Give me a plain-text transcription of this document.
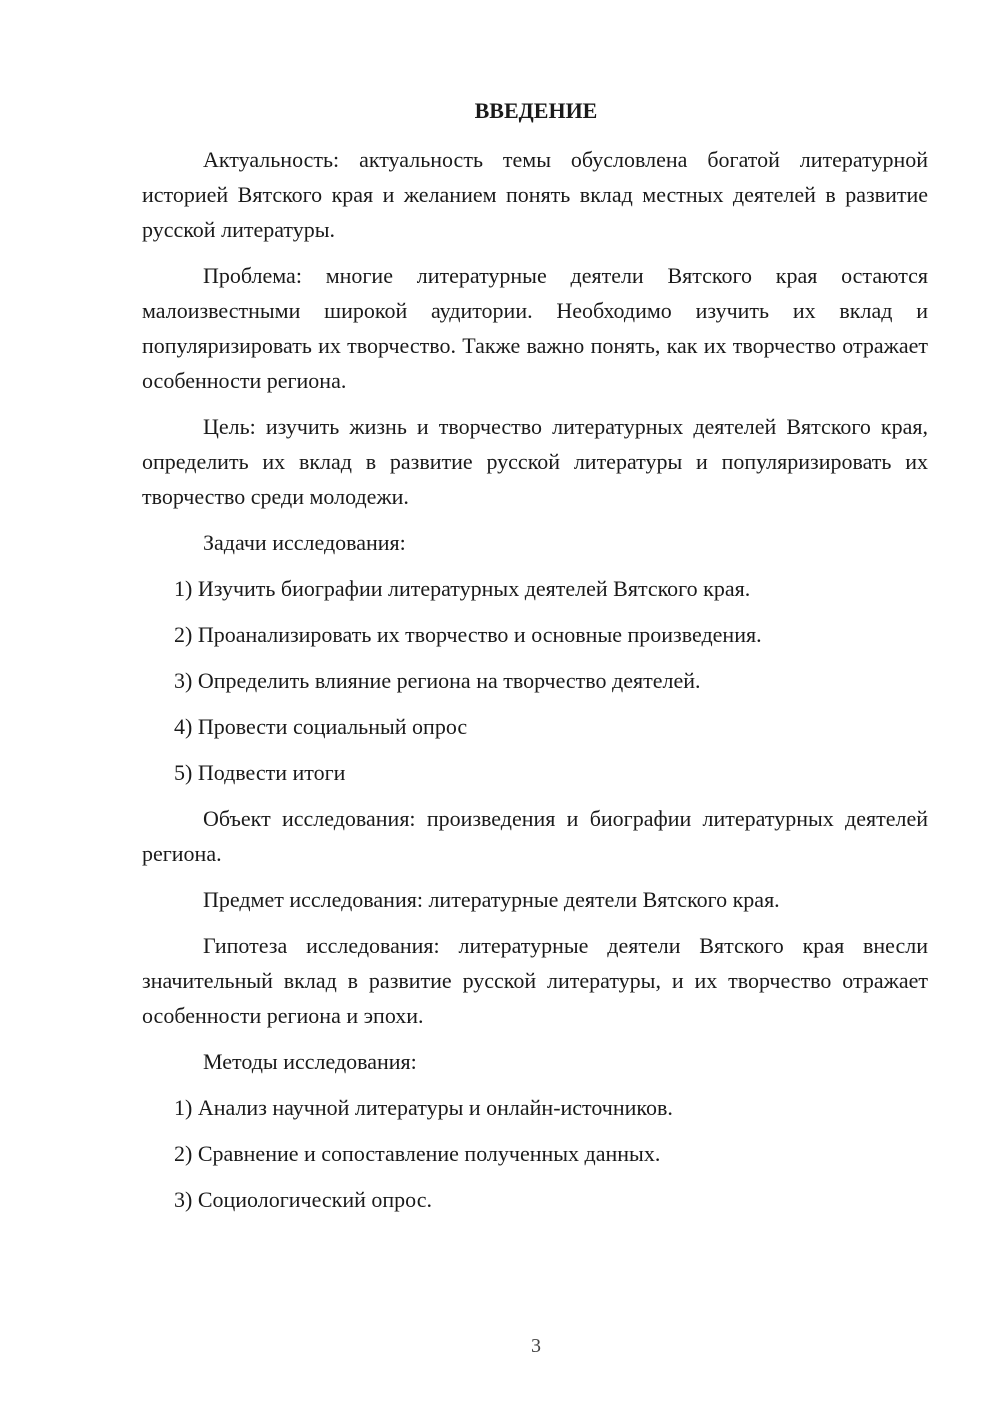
ВВЕДЕНИЕ

Актуальность: актуальность темы обусловлена богатой литературной историей Вятского края и желанием понять вклад местных деятелей в развитие русской литературы.

Проблема: многие литературные деятели Вятского края остаются малоизвестными широкой аудитории. Необходимо изучить их вклад и популяризировать их творчество. Также важно понять, как их творчество отражает особенности региона.

Цель: изучить жизнь и творчество литературных деятелей Вятского края, определить их вклад в развитие русской литературы и популяризировать их творчество среди молодежи.

Задачи исследования:

1) Изучить биографии литературных деятелей Вятского края.

2) Проанализировать их творчество и основные произведения.

3) Определить влияние региона на творчество деятелей.

4) Провести социальный опрос

5) Подвести итоги

Объект исследования: произведения и биографии литературных деятелей региона.

Предмет исследования: литературные деятели Вятского края.

Гипотеза исследования: литературные деятели Вятского края внесли значительный вклад в развитие русской литературы, и их творчество отражает особенности региона и эпохи.

Методы исследования:

1) Анализ научной литературы и онлайн-источников.

2) Сравнение и сопоставление полученных данных.

3) Социологический опрос.

3
